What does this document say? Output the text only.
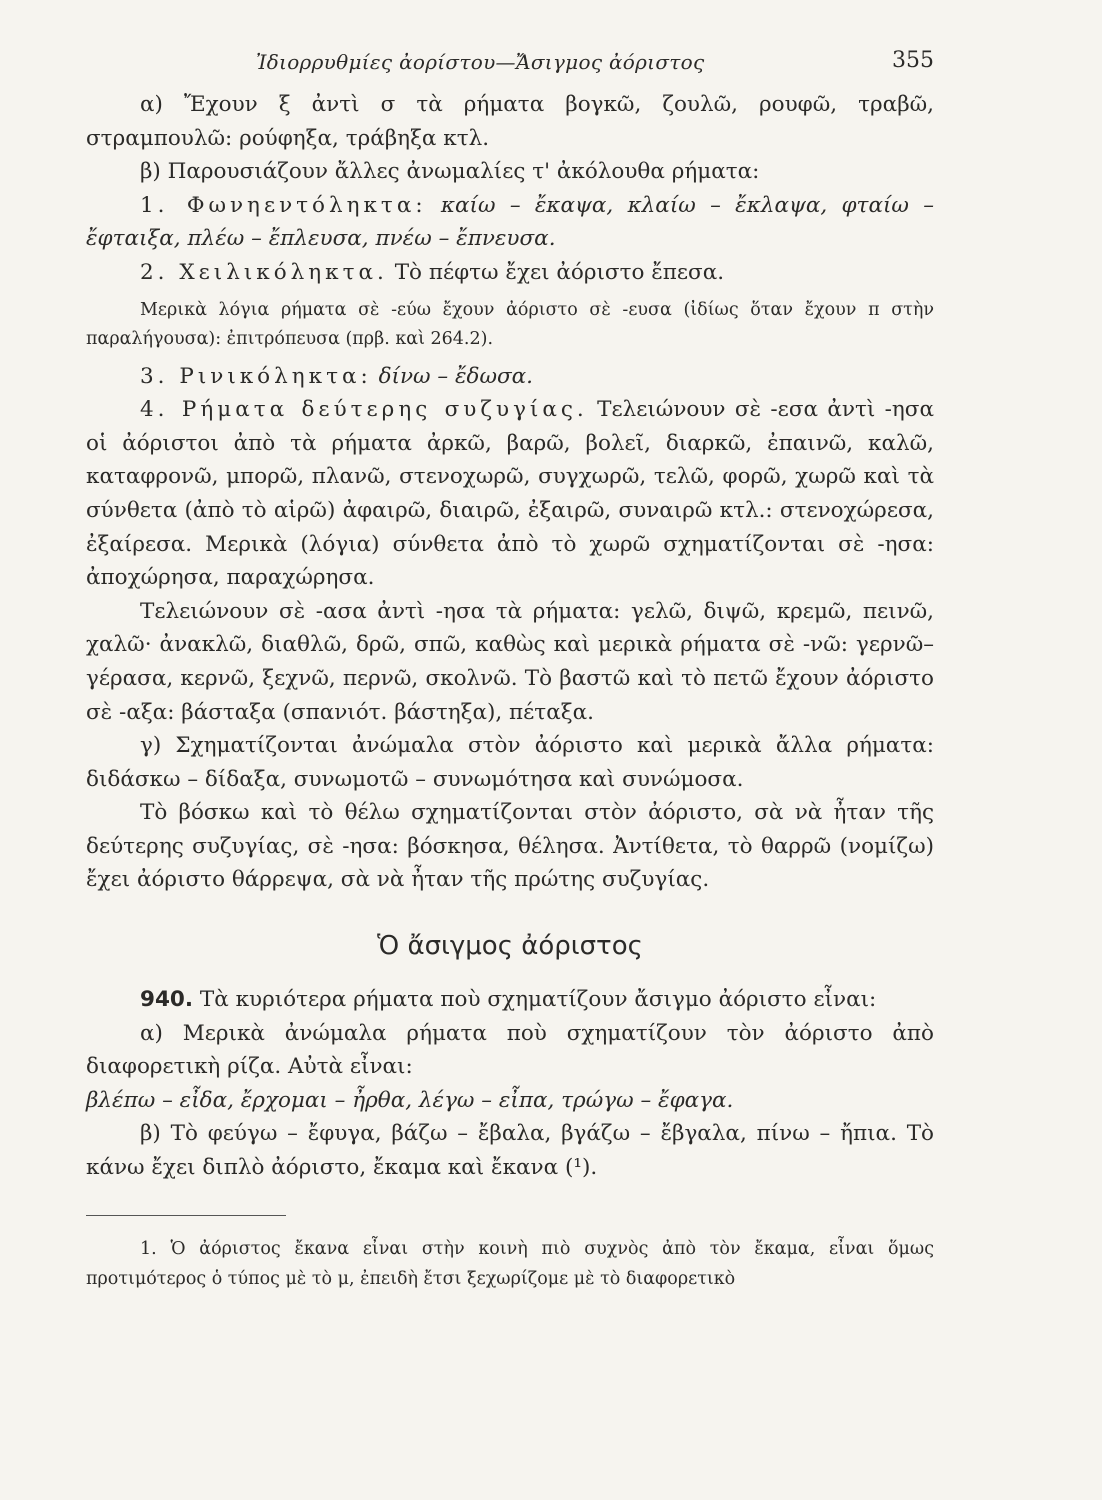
Ἰδιορρυθμίες ἀορίστου—Ἄσιγμος ἀόριστος	355

α) Ἔχουν ξ ἀντὶ σ τὰ ρήματα βογκῶ, ζουλῶ, ρουφῶ, τραβῶ, στραμπουλῶ: ρούφηξα, τράβηξα κτλ.

β) Παρουσιάζουν ἄλλες ἀνωμαλίες τ' ἀκόλουθα ρήματα:

1. Φωνηεντόληκτα: καίω – ἔκαψα, κλαίω – ἔκλαψα, φταίω – ἔφταιξα, πλέω – ἔπλευσα, πνέω – ἔπνευσα.

2. Χειλικόληκτα. Τὸ πέφτω ἔχει ἀόριστο ἔπεσα.

Μερικὰ λόγια ρήματα σὲ -εύω ἔχουν ἀόριστο σὲ -ευσα (ἰδίως ὅταν ἔχουν π στὴν παραλήγουσα): ἐπιτρόπευσα (πρβ. καὶ 264.2).

3. Ρινικόληκτα: δίνω – ἔδωσα.

4. Ρήματα δεύτερης συζυγίας. Τελειώνουν σὲ -εσα ἀντὶ -ησα οἱ ἀόριστοι ἀπὸ τὰ ρήματα ἀρκῶ, βαρῶ, βολεῖ, διαρκῶ, ἐπαινῶ, καλῶ, καταφρονῶ, μπορῶ, πλανῶ, στενοχωρῶ, συγχωρῶ, τελῶ, φορῶ, χωρῶ καὶ τὰ σύνθετα (ἀπὸ τὸ αἱρῶ) ἀφαιρῶ, διαιρῶ, ἐξαιρῶ, συναιρῶ κτλ.: στενοχώρεσα, ἐξαίρεσα. Μερικὰ (λόγια) σύνθετα ἀπὸ τὸ χωρῶ σχηματίζονται σὲ -ησα: ἀποχώρησα, παραχώρησα.

Τελειώνουν σὲ -ασα ἀντὶ -ησα τὰ ρήματα: γελῶ, διψῶ, κρεμῶ, πεινῶ, χαλῶ· ἀνακλῶ, διαθλῶ, δρῶ, σπῶ, καθὼς καὶ μερικὰ ρήματα σὲ -νῶ: γερνῶ–γέρασα, κερνῶ, ξεχνῶ, περνῶ, σκολνῶ. Τὸ βαστῶ καὶ τὸ πετῶ ἔχουν ἀόριστο σὲ -αξα: βάσταξα (σπανιότ. βάστηξα), πέταξα.

γ) Σχηματίζονται ἀνώμαλα στὸν ἀόριστο καὶ μερικὰ ἄλλα ρήματα: διδάσκω – δίδαξα, συνωμοτῶ – συνωμότησα καὶ συνώμοσα.

Τὸ βόσκω καὶ τὸ θέλω σχηματίζονται στὸν ἀόριστο, σὰ νὰ ἦταν τῆς δεύτερης συζυγίας, σὲ -ησα: βόσκησα, θέλησα. Ἀντίθετα, τὸ θαρρῶ (νομίζω) ἔχει ἀόριστο θάρρεψα, σὰ νὰ ἦταν τῆς πρώτης συζυγίας.

Ὁ ἄσιγμος ἀόριστος

940. Τὰ κυριότερα ρήματα ποὺ σχηματίζουν ἄσιγμο ἀόριστο εἶναι:

α) Μερικὰ ἀνώμαλα ρήματα ποὺ σχηματίζουν τὸν ἀόριστο ἀπὸ διαφορετικὴ ρίζα. Αὐτὰ εἶναι:

βλέπω – εἶδα, ἔρχομαι – ἦρθα, λέγω – εἶπα, τρώγω – ἔφαγα.

β) Τὸ φεύγω – ἔφυγα, βάζω – ἔβαλα, βγάζω – ἔβγαλα, πίνω – ἤπια. Τὸ κάνω ἔχει διπλὸ ἀόριστο, ἔκαμα καὶ ἔκανα (¹).

1. Ὁ ἀόριστος ἔκανα εἶναι στὴν κοινὴ πιὸ συχνὸς ἀπὸ τὸν ἔκαμα, εἶναι ὅμως προτιμότερος ὁ τύπος μὲ τὸ μ, ἐπειδὴ ἔτσι ξεχωρίζομε μὲ τὸ διαφορετικὸ
